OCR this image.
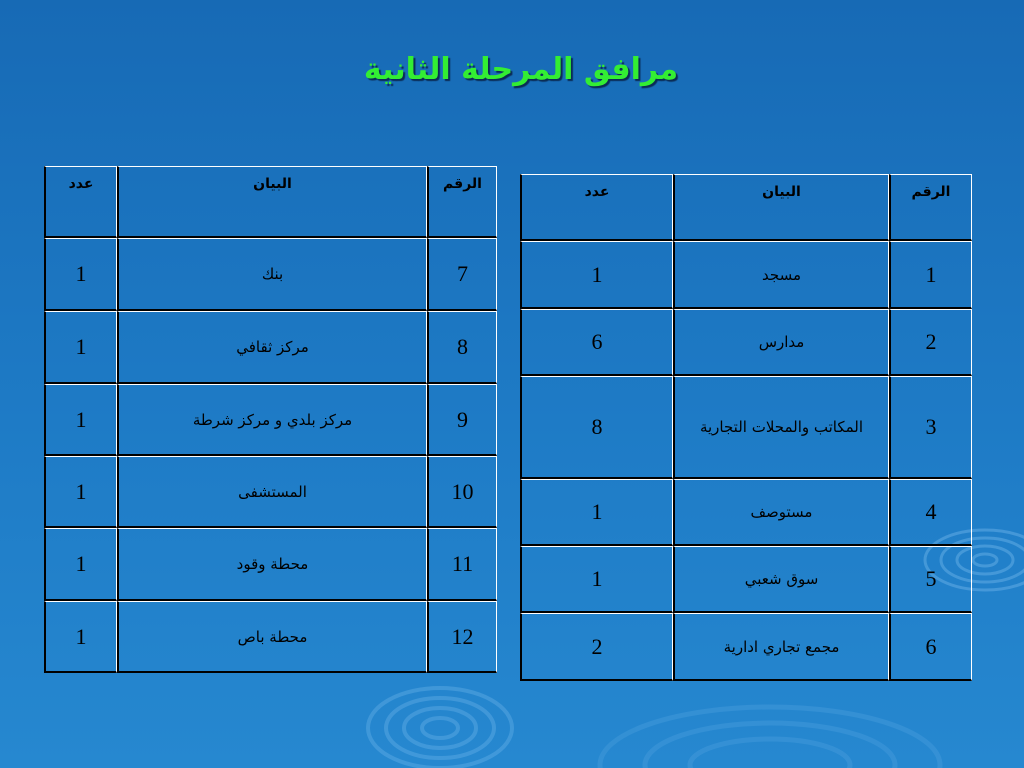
مرافق المرحلة الثانية
الرقم
البيان
عدد
1
مسجد
1
2
مدارس
6
3
المكاتب والمحلات التجارية
8
4
مستوصف
1
5
سوق شعبي
1
6
مجمع تجاري ادارية
2
الرقم
البيان
عدد
7
بنك
1
8
مركز ثقافي
1
9
مركز بلدي و مركز شرطة
1
10
المستشفى
1
11
محطة وقود
1
12
محطة باص
1
